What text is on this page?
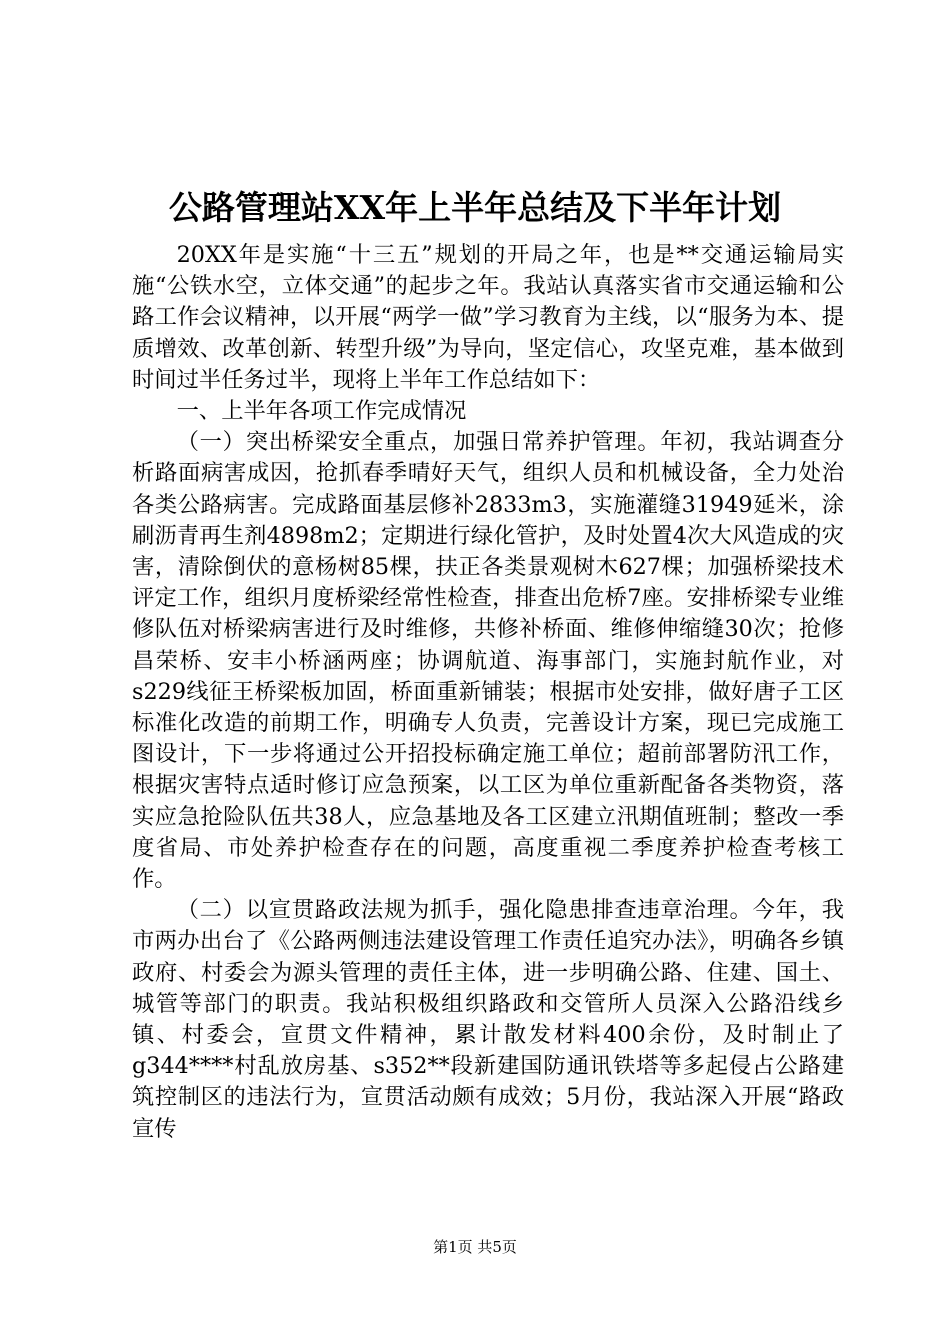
公路管理站XX年上半年总结及下半年计划

20XX年是实施“十三五”规划的开局之年，也是**交通运输局实施“公铁水空，立体交通”的起步之年。我站认真落实省市交通运输和公路工作会议精神，以开展“两学一做”学习教育为主线，以“服务为本、提质增效、改革创新、转型升级”为导向，坚定信心，攻坚克难，基本做到时间过半任务过半，现将上半年工作总结如下：

一、上半年各项工作完成情况

（一）突出桥梁安全重点，加强日常养护管理。年初，我站调查分析路面病害成因，抢抓春季晴好天气，组织人员和机械设备，全力处治各类公路病害。完成路面基层修补2833m3，实施灌缝31949延米，涂刷沥青再生剂4898m2；定期进行绿化管护，及时处置4次大风造成的灾害，清除倒伏的意杨树85棵，扶正各类景观树木627棵；加强桥梁技术评定工作，组织月度桥梁经常性检查，排查出危桥7座。安排桥梁专业维修队伍对桥梁病害进行及时维修，共修补桥面、维修伸缩缝30次；抢修昌荣桥、安丰小桥涵两座；协调航道、海事部门，实施封航作业，对s229线征王桥梁板加固，桥面重新铺装；根据市处安排，做好唐子工区标准化改造的前期工作，明确专人负责，完善设计方案，现已完成施工图设计，下一步将通过公开招投标确定施工单位；超前部署防汛工作，根据灾害特点适时修订应急预案，以工区为单位重新配备各类物资，落实应急抢险队伍共38人，应急基地及各工区建立汛期值班制；整改一季度省局、市处养护检查存在的问题，高度重视二季度养护检查考核工作。

（二）以宣贯路政法规为抓手，强化隐患排查违章治理。今年，我市两办出台了《公路两侧违法建设管理工作责任追究办法》，明确各乡镇政府、村委会为源头管理的责任主体，进一步明确公路、住建、国土、城管等部门的职责。我站积极组织路政和交管所人员深入公路沿线乡镇、村委会，宣贯文件精神，累计散发材料400余份，及时制止了g344****村乱放房基、s352**段新建国防通讯铁塔等多起侵占公路建筑控制区的违法行为，宣贯活动颇有成效；5月份，我站深入开展“路政宣传

第1页 共5页
